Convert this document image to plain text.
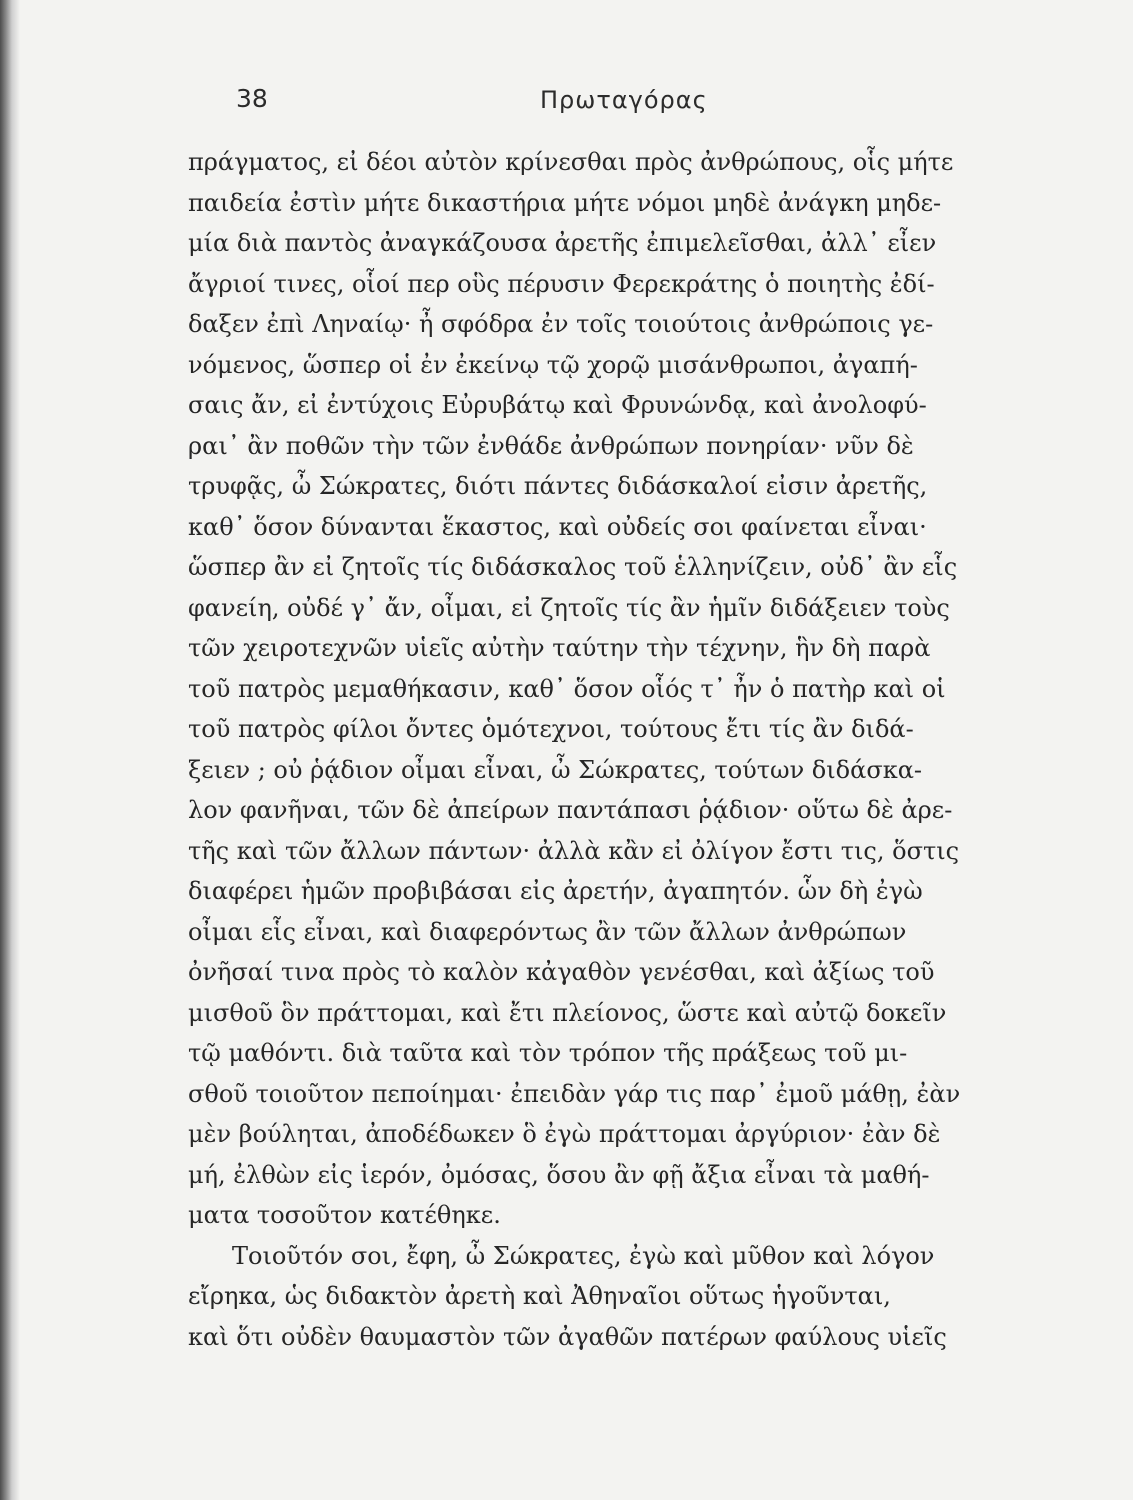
38	Πρωταγόρας
πράγματος, εἰ δέοι αὐτὸν κρίνεσθαι πρὸς ἀνθρώπους, οἷς μήτε
παιδεία ἐστὶν μήτε δικαστήρια μήτε νόμοι μηδὲ ἀνάγκη μηδε-
μία διὰ παντὸς ἀναγκάζουσα ἀρετῆς ἐπιμελεῖσθαι, ἀλλ᾽ εἶεν
ἄγριοί τινες, οἷοί περ οὓς πέρυσιν Φερεκράτης ὁ ποιητὴς ἐδί-
δαξεν ἐπὶ Ληναίῳ· ἦ σφόδρα ἐν τοῖς τοιούτοις ἀνθρώποις γε-
νόμενος, ὥσπερ οἱ ἐν ἐκείνῳ τῷ χορῷ μισάνθρωποι, ἀγαπή-
σαις ἄν, εἰ ἐντύχοις Εὐρυβάτῳ καὶ Φρυνώνδᾳ, καὶ ἀνολοφύ-
ραι᾽ ἂν ποθῶν τὴν τῶν ἐνθάδε ἀνθρώπων πονηρίαν· νῦν δὲ
τρυφᾷς, ὦ Σώκρατες, διότι πάντες διδάσκαλοί εἰσιν ἀρετῆς,
καθ᾽ ὅσον δύνανται ἕκαστος, καὶ οὐδείς σοι φαίνεται εἶναι·
ὥσπερ ἂν εἰ ζητοῖς τίς διδάσκαλος τοῦ ἑλληνίζειν, οὐδ᾽ ἂν εἷς
φανείη, οὐδέ γ᾽ ἄν, οἶμαι, εἰ ζητοῖς τίς ἂν ἡμῖν διδάξειεν τοὺς
τῶν χειροτεχνῶν υἱεῖς αὐτὴν ταύτην τὴν τέχνην, ἣν δὴ παρὰ
τοῦ πατρὸς μεμαθήκασιν, καθ᾽ ὅσον οἷός τ᾽ ἦν ὁ πατὴρ καὶ οἱ
τοῦ πατρὸς φίλοι ὄντες ὁμότεχνοι, τούτους ἔτι τίς ἂν διδά-
ξειεν ; οὐ ῥᾴδιον οἶμαι εἶναι, ὦ Σώκρατες, τούτων διδάσκα-
λον φανῆναι, τῶν δὲ ἀπείρων παντάπασι ῥᾴδιον· οὕτω δὲ ἀρε-
τῆς καὶ τῶν ἄλλων πάντων· ἀλλὰ κἂν εἰ ὀλίγον ἔστι τις, ὅστις
διαφέρει ἡμῶν προβιβάσαι εἰς ἀρετήν, ἀγαπητόν. ὧν δὴ ἐγὼ
οἶμαι εἷς εἶναι, καὶ διαφερόντως ἂν τῶν ἄλλων ἀνθρώπων
ὀνῆσαί τινα πρὸς τὸ καλὸν κἀγαθὸν γενέσθαι, καὶ ἀξίως τοῦ
μισθοῦ ὃν πράττομαι, καὶ ἔτι πλείονος, ὥστε καὶ αὐτῷ δοκεῖν
τῷ μαθόντι. διὰ ταῦτα καὶ τὸν τρόπον τῆς πράξεως τοῦ μι-
σθοῦ τοιοῦτον πεποίημαι· ἐπειδὰν γάρ τις παρ᾽ ἐμοῦ μάθῃ, ἐὰν
μὲν βούληται, ἀποδέδωκεν ὃ ἐγὼ πράττομαι ἀργύριον· ἐὰν δὲ
μή, ἐλθὼν εἰς ἱερόν, ὀμόσας, ὅσου ἂν φῇ ἄξια εἶναι τὰ μαθή-
ματα τοσοῦτον κατέθηκε.
Τοιοῦτόν σοι, ἔφη, ὦ Σώκρατες, ἐγὼ καὶ μῦθον καὶ λόγον
εἴρηκα, ὡς διδακτὸν ἀρετὴ καὶ Ἀθηναῖοι οὕτως ἡγοῦνται,
καὶ ὅτι οὐδὲν θαυμαστὸν τῶν ἀγαθῶν πατέρων φαύλους υἱεῖς
